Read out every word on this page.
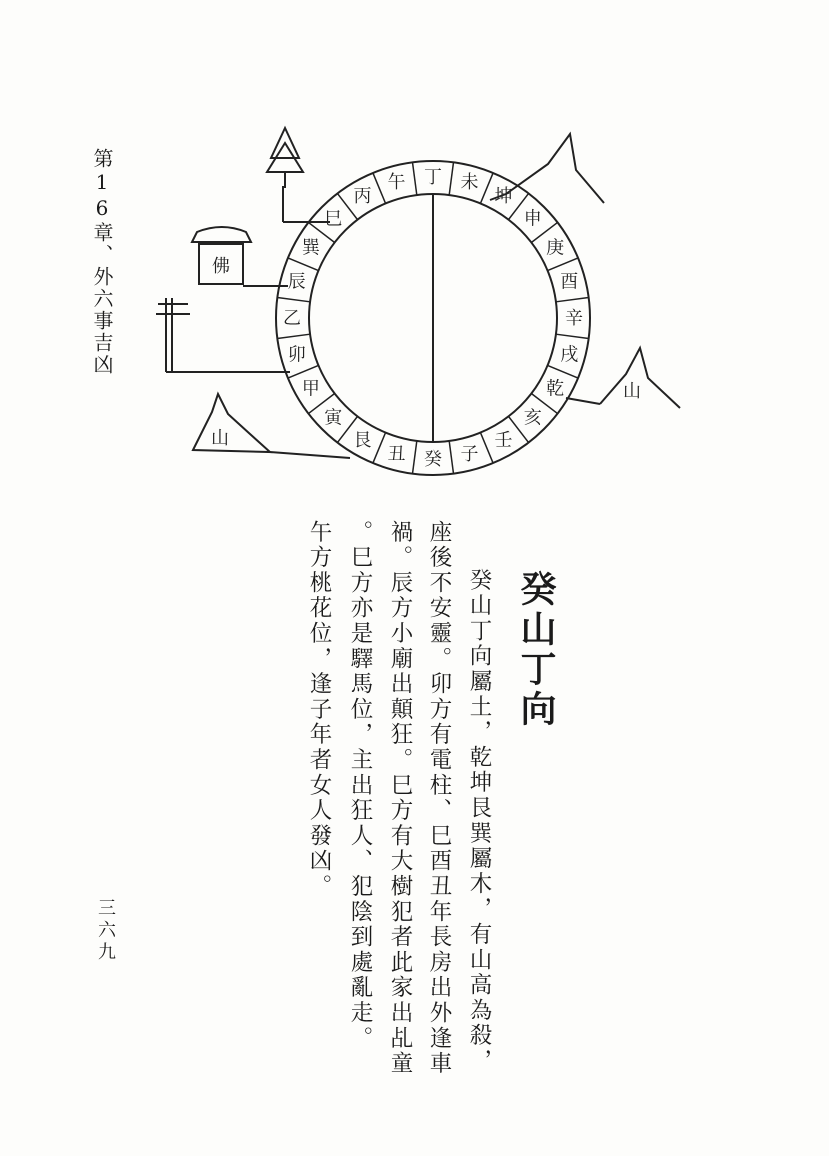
第16章、外六事吉凶
三六九
丁 未
坤
申
庚
酉
辛
戌
乾
亥
壬
子
癸
丑
艮
寅
甲
卯
乙
辰
巽
巳
丙
午
佛
山
山
癸山丁向
癸山丁向屬土，乾坤艮巽屬木，有山高為殺，
座後不安靈。卯方有電柱、巳酉丑年長房出外逢車
禍。辰方小廟出顛狂。巳方有大樹犯者此家出乩童
。巳方亦是驛馬位，主出狂人、犯陰到處亂走。
午方桃花位，逢子年者女人發凶。
